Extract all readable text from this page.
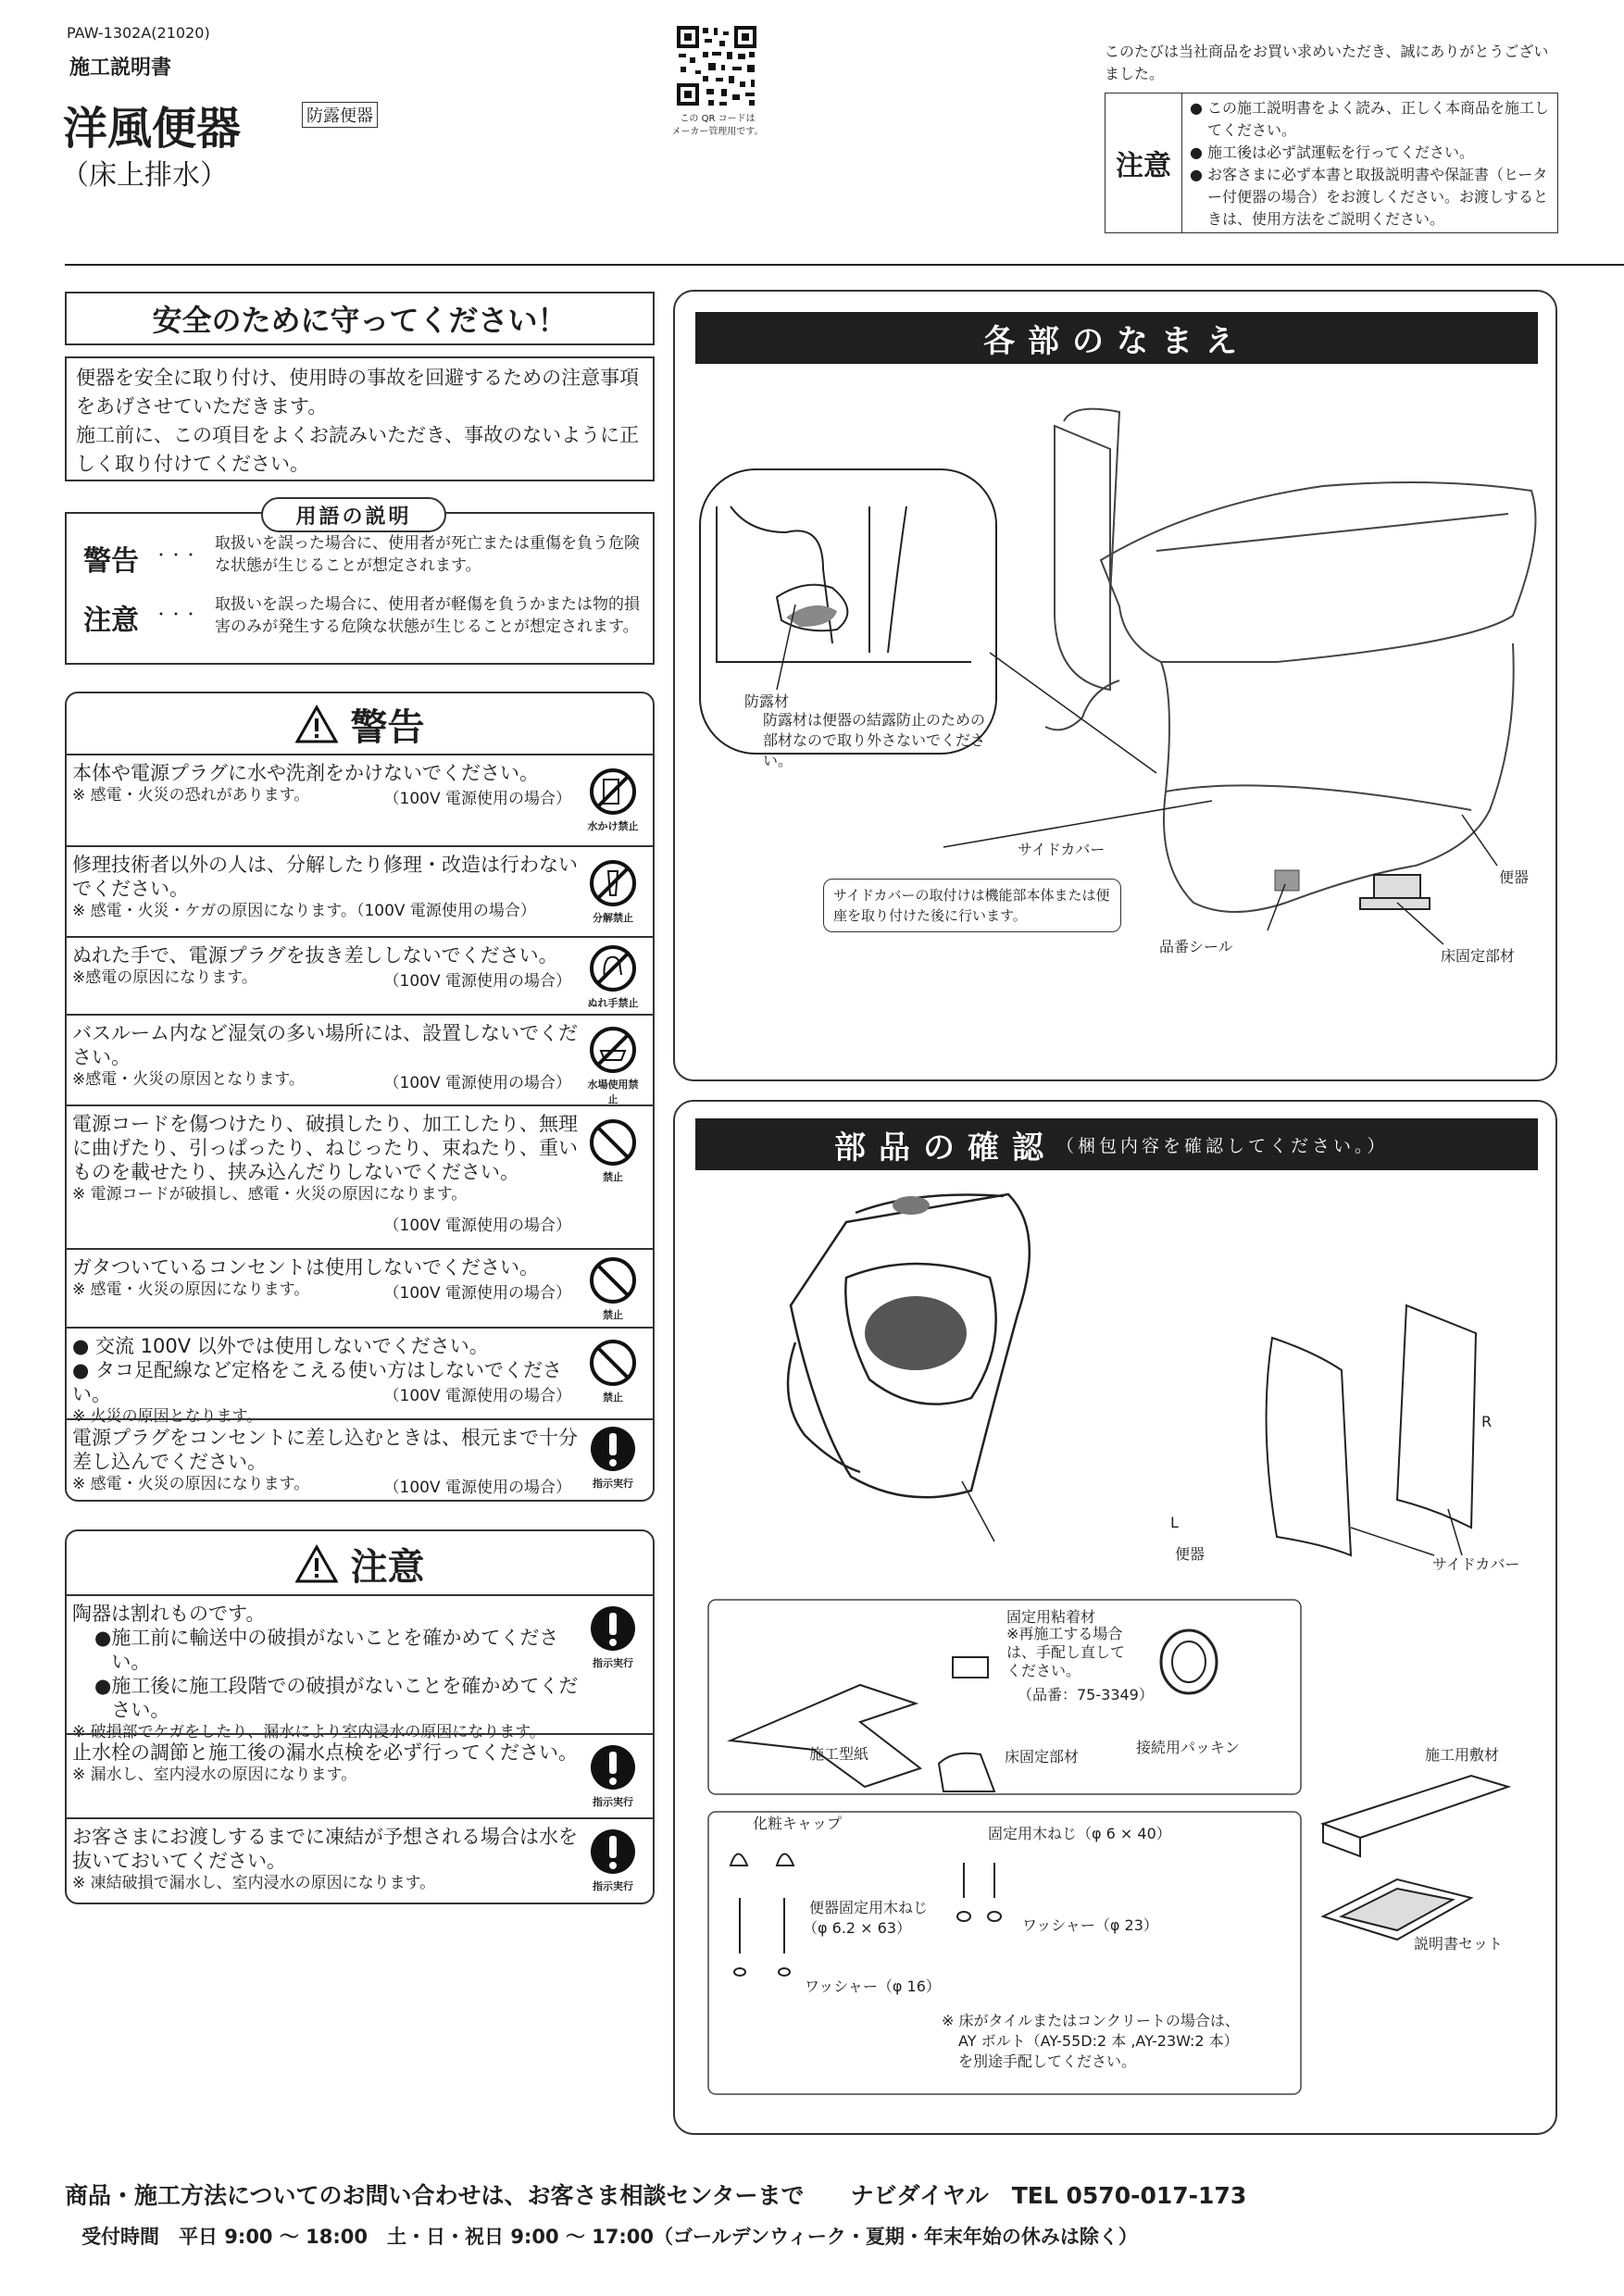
PAW-1302A(21020)
施工説明書
洋風便器	防露便器
（床上排水）
この QR コードは
メーカー管理用です。
このたびは当社商品をお買い求めいただき、誠にありがとうございました。
注意
● この施工説明書をよく読み、正しく本商品を施工してください。
● 施工後は必ず試運転を行ってください。
● お客さまに必ず本書と取扱説明書や保証書（ヒーター付便器の場合）をお渡しください。お渡しするときは、使用方法をご説明ください。
安全のために守ってください！
便器を安全に取り付け、使用時の事故を回避するための注意事項をあげさせていただきます。
施工前に、この項目をよくお読みいただき、事故のないように正しく取り付けてください。
用語の説明
警告 ・・・
取扱いを誤った場合に、使用者が死亡または重傷を負う危険な状態が生じることが想定されます。
注意 ・・・
取扱いを誤った場合に、使用者が軽傷を負うかまたは物的損害のみが発生する危険な状態が生じることが想定されます。
警告
本体や電源プラグに水や洗剤をかけないでください。
※ 感電・火災の恐れがあります。	（100V 電源使用の場合）
水かけ禁止
修理技術者以外の人は、分解したり修理・改造は行わないでください。
※ 感電・火災・ケガの原因になります。（100V 電源使用の場合）	分解禁止
ぬれた手で、電源プラグを抜き差ししないでください。
※感電の原因になります。	（100V 電源使用の場合）
ぬれ手禁止
バスルーム内など湿気の多い場所には、設置しないでください。
※感電・火災の原因となります。	（100V 電源使用の場合）	水場使用禁止
電源コードを傷つけたり、破損したり、加工したり、無理に曲げたり、引っぱったり、ねじったり、束ねたり、重いものを載せたり、挟み込んだりしないでください。
※ 電源コードが破損し、感電・火災の原因になります。
（100V 電源使用の場合）
禁止
ガタついているコンセントは使用しないでください。
※ 感電・火災の原因になります。	（100V 電源使用の場合）
禁止
● 交流 100V 以外では使用しないでください。
● タコ足配線など定格をこえる使い方はしないでください。
※ 火災の原因となります。
（100V 電源使用の場合）	禁止
電源プラグをコンセントに差し込むときは、根元まで十分差し込んでください。
※ 感電・火災の原因になります。	（100V 電源使用の場合）	指示実行
注意
陶器は割れものです。
● 施工前に輸送中の破損がないことを確かめてください。
● 施工後に施工段階での破損がないことを確かめてください。
※ 破損部でケガをしたり、漏水により室内浸水の原因になります。
指示実行
止水栓の調節と施工後の漏水点検を必ず行ってください。
※ 漏水し、室内浸水の原因になります。
指示実行
お客さまにお渡しするまでに凍結が予想される場合は水を抜いておいてください。
※ 凍結破損で漏水し、室内浸水の原因になります。	指示実行
各部のなまえ
防露材
防露材は便器の結露防止のための部材なので取り外さないでください。
サイドカバー
サイドカバーの取付けは機能部本体または便座を取り付けた後に行います。
品番シール
便器
床固定部材
部品の確認 （梱包内容を確認してください。）
L
R
便器
サイドカバー
固定用粘着材
※再施工する場合は、手配し直してください。
（品番：75-3349）
施工型紙	床固定部材
接続用パッキン	施工用敷材
化粧キャップ
固定用木ねじ（φ 6 × 40）
便器固定用木ねじ
（φ 6.2 × 63）	ワッシャー（φ 23）
ワッシャー（φ 16）
説明書セット
※ 床がタイルまたはコンクリートの場合は、
AY ボルト（AY-55D:2 本 ,AY-23W:2 本）
を別途手配してください。
商品・施工方法についてのお問い合わせは、お客さま相談センターまで　　ナビダイヤル　TEL 0570-017-173
受付時間　平日 9:00 〜 18:00　土・日・祝日 9:00 〜 17:00（ゴールデンウィーク・夏期・年末年始の休みは除く）
